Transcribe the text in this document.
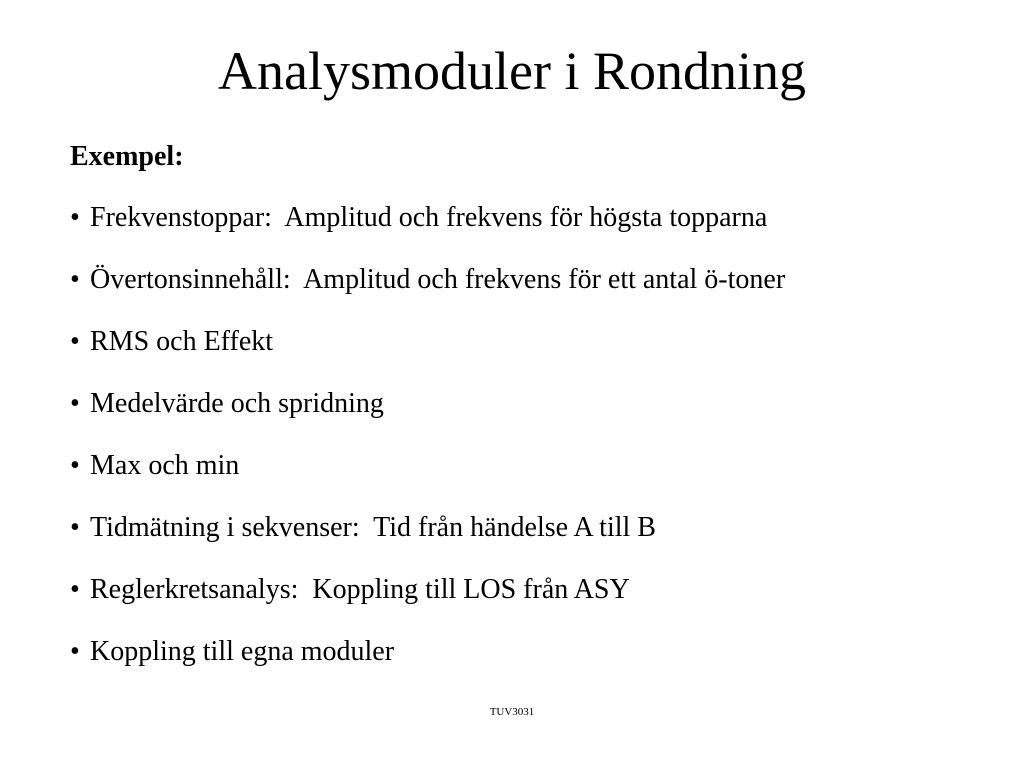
Analysmoduler i Rondning
Exempel:
• Frekvenstoppar:  Amplitud och frekvens för högsta topparna
• Övertonsinnehåll:  Amplitud och frekvens för ett antal ö-toner
• RMS och Effekt
• Medelvärde och spridning
• Max och min
• Tidmätning i sekvenser:  Tid från händelse A till B
• Reglerkretsanalys:  Koppling till LOS från ASY
• Koppling till egna moduler
TUV3031
